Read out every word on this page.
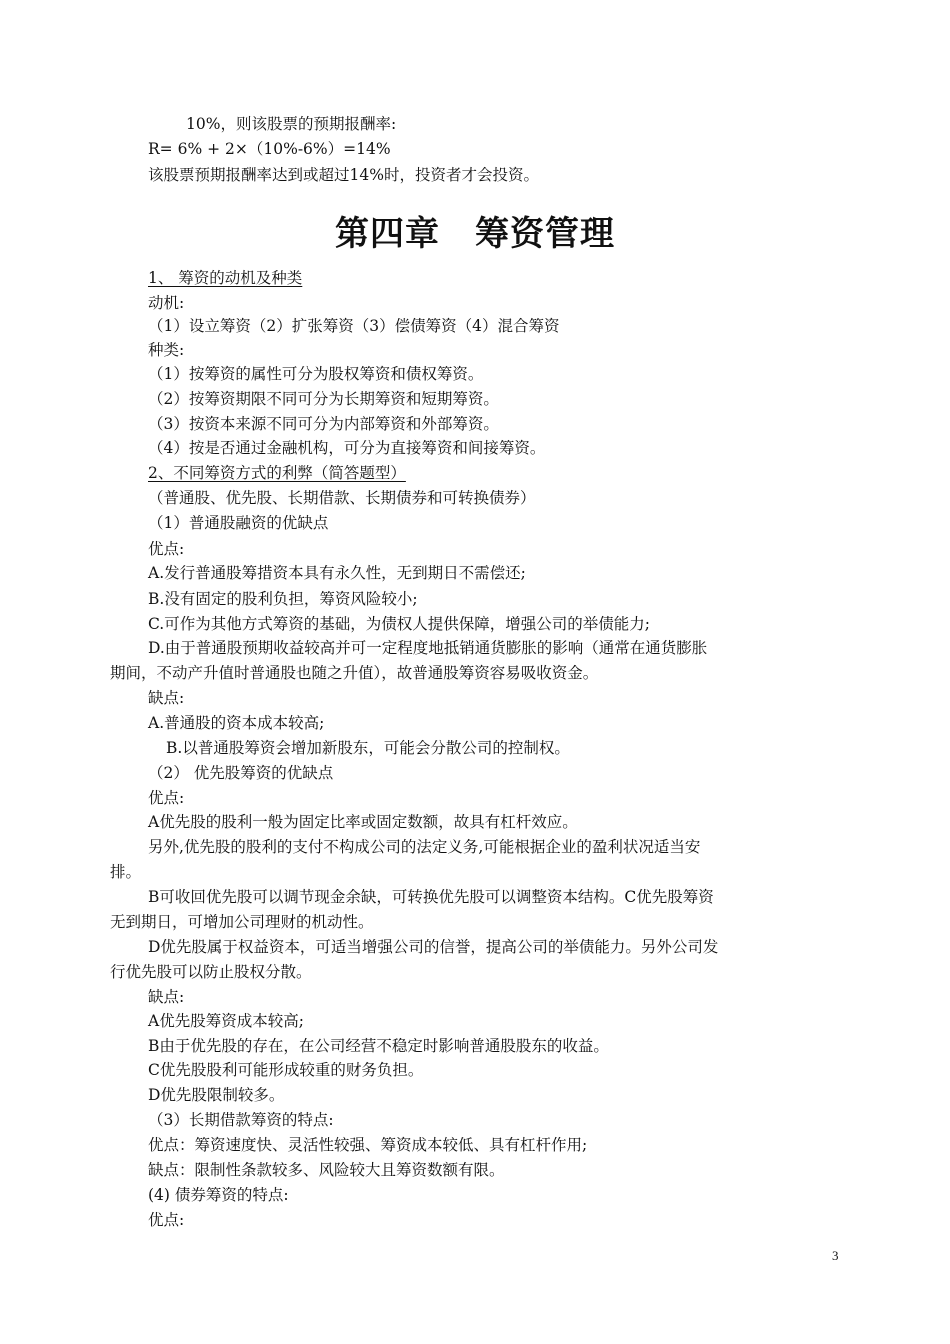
10%，则该股票的预期报酬率:
R= 6% + 2×（10%-6%）=14%
该股票预期报酬率达到或超过14%时，投资者才会投资。
第四章　筹资管理
1、 筹资的动机及种类
动机:
（1）设立筹资（2）扩张筹资（3）偿债筹资（4）混合筹资
种类:
（1）按筹资的属性可分为股权筹资和债权筹资。
（2）按筹资期限不同可分为长期筹资和短期筹资。
（3）按资本来源不同可分为内部筹资和外部筹资。
（4）按是否通过金融机构，可分为直接筹资和间接筹资。
2、不同筹资方式的利弊（简答题型）
（普通股、优先股、长期借款、长期债券和可转换债券）
（1）普通股融资的优缺点
优点:
A.发行普通股筹措资本具有永久性，无到期日不需偿还;
B.没有固定的股利负担，筹资风险较小;
C.可作为其他方式筹资的基础，为债权人提供保障，增强公司的举债能力;
D.由于普通股预期收益较高并可一定程度地抵销通货膨胀的影响（通常在通货膨胀
期间，不动产升值时普通股也随之升值），故普通股筹资容易吸收资金。
缺点:
A.普通股的资本成本较高;
B.以普通股筹资会增加新股东，可能会分散公司的控制权。
（2） 优先股筹资的优缺点
优点:
A优先股的股利一般为固定比率或固定数额，故具有杠杆效应。
另外,优先股的股利的支付不构成公司的法定义务,可能根据企业的盈利状况适当安
排。
B可收回优先股可以调节现金余缺，可转换优先股可以调整资本结构。C优先股筹资
无到期日，可增加公司理财的机动性。
D优先股属于权益资本，可适当增强公司的信誉，提高公司的举债能力。另外公司发
行优先股可以防止股权分散。
缺点:
A优先股筹资成本较高;
B由于优先股的存在，在公司经营不稳定时影响普通股股东的收益。
C优先股股利可能形成较重的财务负担。
D优先股限制较多。
（3）长期借款筹资的特点:
优点：筹资速度快、灵活性较强、筹资成本较低、具有杠杆作用;
缺点：限制性条款较多、风险较大且筹资数额有限。
(4) 债券筹资的特点:
优点:
3
